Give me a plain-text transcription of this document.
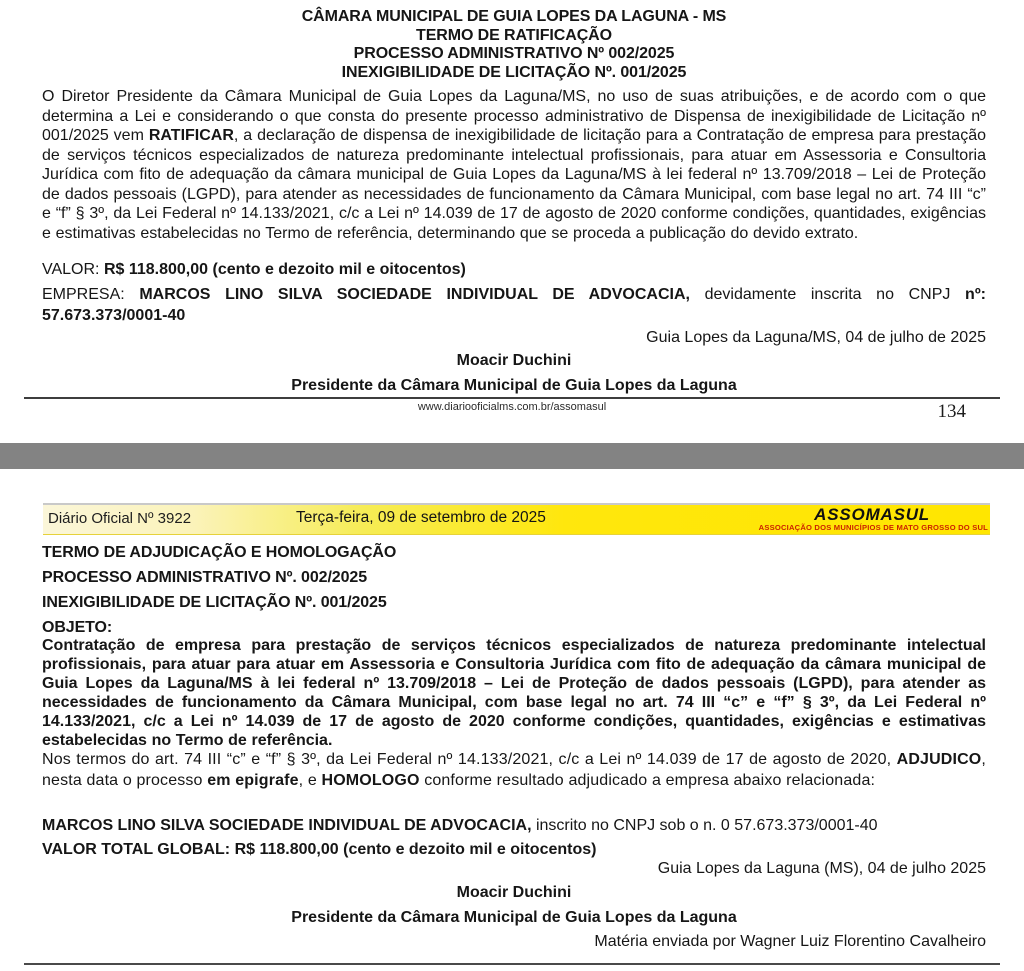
CÂMARA MUNICIPAL DE GUIA LOPES DA LAGUNA - MS
TERMO DE RATIFICAÇÃO
PROCESSO ADMINISTRATIVO Nº 002/2025
INEXIGIBILIDADE DE LICITAÇÃO Nº. 001/2025
O Diretor Presidente da Câmara Municipal de Guia Lopes da Laguna/MS, no uso de suas atribuições, e de acordo com o que determina a Lei e considerando o que consta do presente processo administrativo de Dispensa de inexigibilidade de Licitação nº 001/2025 vem RATIFICAR, a declaração de dispensa de inexigibilidade de licitação para a Contratação de empresa para prestação de serviços técnicos especializados de natureza predominante intelectual profissionais, para atuar em Assessoria e Consultoria Jurídica com fito de adequação da câmara municipal de Guia Lopes da Laguna/MS à lei federal nº 13.709/2018 – Lei de Proteção de dados pessoais (LGPD), para atender as necessidades de funcionamento da Câmara Municipal, com base legal no art. 74 III “c” e “f” § 3º, da Lei Federal nº 14.133/2021, c/c a Lei nº 14.039 de 17 de agosto de 2020 conforme condições, quantidades, exigências e estimativas estabelecidas no Termo de referência, determinando que se proceda a publicação do devido extrato.
VALOR: R$ 118.800,00 (cento e dezoito mil e oitocentos)
EMPRESA: MARCOS LINO SILVA SOCIEDADE INDIVIDUAL DE ADVOCACIA, devidamente inscrita no CNPJ nº: 57.673.373/0001-40
Guia Lopes da Laguna/MS, 04 de julho de 2025
Moacir Duchini
Presidente da Câmara Municipal de Guia Lopes da Laguna
www.diariooficialms.com.br/assomasul	134
Diário Oficial Nº 3922	Terça-feira, 09 de setembro de 2025	ASSOMASUL
ASSOCIAÇÃO DOS MUNICÍPIOS DE MATO GROSSO DO SUL
TERMO DE ADJUDICAÇÃO E HOMOLOGAÇÃO
PROCESSO ADMINISTRATIVO Nº. 002/2025
INEXIGIBILIDADE DE LICITAÇÃO Nº. 001/2025
OBJETO:
Contratação de empresa para prestação de serviços técnicos especializados de natureza predominante intelectual profissionais, para atuar para atuar em Assessoria e Consultoria Jurídica com fito de adequação da câmara municipal de Guia Lopes da Laguna/MS à lei federal nº 13.709/2018 – Lei de Proteção de dados pessoais (LGPD), para atender as necessidades de funcionamento da Câmara Municipal, com base legal no art. 74 III “c” e “f” § 3º, da Lei Federal nº 14.133/2021, c/c a Lei nº 14.039 de 17 de agosto de 2020 conforme condições, quantidades, exigências e estimativas estabelecidas no Termo de referência.
Nos termos do art. 74 III “c” e “f” § 3º, da Lei Federal nº 14.133/2021, c/c a Lei nº 14.039 de 17 de agosto de 2020, ADJUDICO, nesta data o processo em epigrafe, e HOMOLOGO conforme resultado adjudicado a empresa abaixo relacionada:
MARCOS LINO SILVA SOCIEDADE INDIVIDUAL DE ADVOCACIA, inscrito no CNPJ sob o n. 0 57.673.373/0001-40
VALOR TOTAL GLOBAL: R$ 118.800,00 (cento e dezoito mil e oitocentos)
Guia Lopes da Laguna (MS), 04 de julho 2025
Moacir Duchini
Presidente da Câmara Municipal de Guia Lopes da Laguna
Matéria enviada por Wagner Luiz Florentino Cavalheiro
